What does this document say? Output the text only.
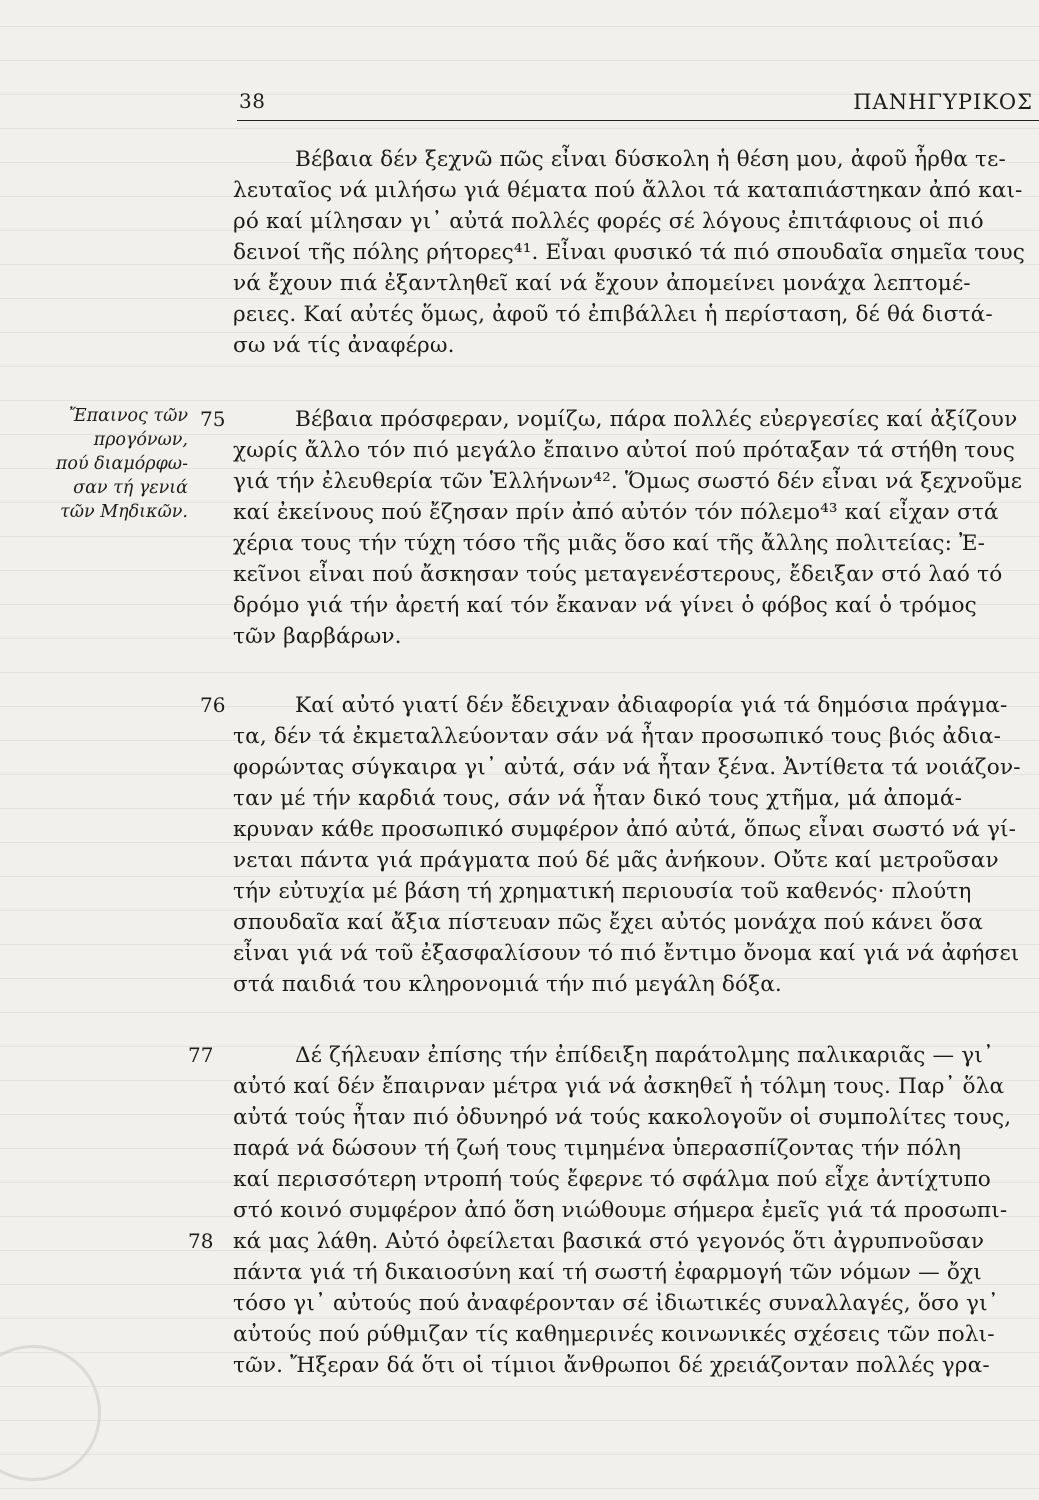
38	ΠΑΝΗΓΥΡΙΚΟΣ
Ἔπαινος τῶν
προγόνων,
πού διαμόρφω-
σαν τή γενιά
τῶν Μηδικῶν.
75
76
77
78
Βέβαια δέν ξεχνῶ πῶς εἶναι δύσκολη ἡ θέση μου, ἀφοῦ ἦρθα τε-
λευταῖος νά μιλήσω γιά θέματα πού ἄλλοι τά καταπιάστηκαν ἀπό και-
ρό καί μίλησαν γι᾽ αὐτά πολλές φορές σέ λόγους ἐπιτάφιους οἱ πιό
δεινοί τῆς πόλης ρήτορες⁴¹. Εἶναι φυσικό τά πιό σπουδαῖα σημεῖα τους
νά ἔχουν πιά ἐξαντληθεῖ καί νά ἔχουν ἀπομείνει μονάχα λεπτομέ-
ρειες. Καί αὐτές ὅμως, ἀφοῦ τό ἐπιβάλλει ἡ περίσταση, δέ θά διστά-
σω νά τίς ἀναφέρω.
Βέβαια πρόσφεραν, νομίζω, πάρα πολλές εὐεργεσίες καί ἀξίζουν
χωρίς ἄλλο τόν πιό μεγάλο ἔπαινο αὐτοί πού πρόταξαν τά στήθη τους
γιά τήν ἐλευθερία τῶν Ἑλλήνων⁴². Ὅμως σωστό δέν εἶναι νά ξεχνοῦμε
καί ἐκείνους πού ἔζησαν πρίν ἀπό αὐτόν τόν πόλεμο⁴³ καί εἶχαν στά
χέρια τους τήν τύχη τόσο τῆς μιᾶς ὅσο καί τῆς ἄλλης πολιτείας: Ἐ-
κεῖνοι εἶναι πού ἄσκησαν τούς μεταγενέστερους, ἔδειξαν στό λαό τό
δρόμο γιά τήν ἀρετή καί τόν ἔκαναν νά γίνει ὁ φόβος καί ὁ τρόμος
τῶν βαρβάρων.
Καί αὐτό γιατί δέν ἔδειχναν ἀδιαφορία γιά τά δημόσια πράγμα-
τα, δέν τά ἐκμεταλλεύονταν σάν νά ἦταν προσωπικό τους βιός ἀδια-
φορώντας σύγκαιρα γι᾽ αὐτά, σάν νά ἦταν ξένα. Ἀντίθετα τά νοιάζον-
ταν μέ τήν καρδιά τους, σάν νά ἦταν δικό τους χτῆμα, μά ἀπομά-
κρυναν κάθε προσωπικό συμφέρον ἀπό αὐτά, ὅπως εἶναι σωστό νά γί-
νεται πάντα γιά πράγματα πού δέ μᾶς ἀνήκουν. Οὔτε καί μετροῦσαν
τήν εὐτυχία μέ βάση τή χρηματική περιουσία τοῦ καθενός· πλούτη
σπουδαῖα καί ἄξια πίστευαν πῶς ἔχει αὐτός μονάχα πού κάνει ὅσα
εἶναι γιά νά τοῦ ἐξασφαλίσουν τό πιό ἔντιμο ὄνομα καί γιά νά ἀφήσει
στά παιδιά του κληρονομιά τήν πιό μεγάλη δόξα.
Δέ ζήλευαν ἐπίσης τήν ἐπίδειξη παράτολμης παλικαριᾶς — γι᾽
αὐτό καί δέν ἔπαιρναν μέτρα γιά νά ἀσκηθεῖ ἡ τόλμη τους. Παρ᾽ ὅλα
αὐτά τούς ἦταν πιό ὀδυνηρό νά τούς κακολογοῦν οἱ συμπολίτες τους,
παρά νά δώσουν τή ζωή τους τιμημένα ὑπερασπίζοντας τήν πόλη
καί περισσότερη ντροπή τούς ἔφερνε τό σφάλμα πού εἶχε ἀντίχτυπο
στό κοινό συμφέρον ἀπό ὅση νιώθουμε σήμερα ἐμεῖς γιά τά προσωπι-
κά μας λάθη. Αὐτό ὀφείλεται βασικά στό γεγονός ὅτι ἀγρυπνοῦσαν
πάντα γιά τή δικαιοσύνη καί τή σωστή ἐφαρμογή τῶν νόμων — ὄχι
τόσο γι᾽ αὐτούς πού ἀναφέρονταν σέ ἰδιωτικές συναλλαγές, ὅσο γι᾽
αὐτούς πού ρύθμιζαν τίς καθημερινές κοινωνικές σχέσεις τῶν πολι-
τῶν. Ἤξεραν δά ὅτι οἱ τίμιοι ἄνθρωποι δέ χρειάζονταν πολλές γρα-
